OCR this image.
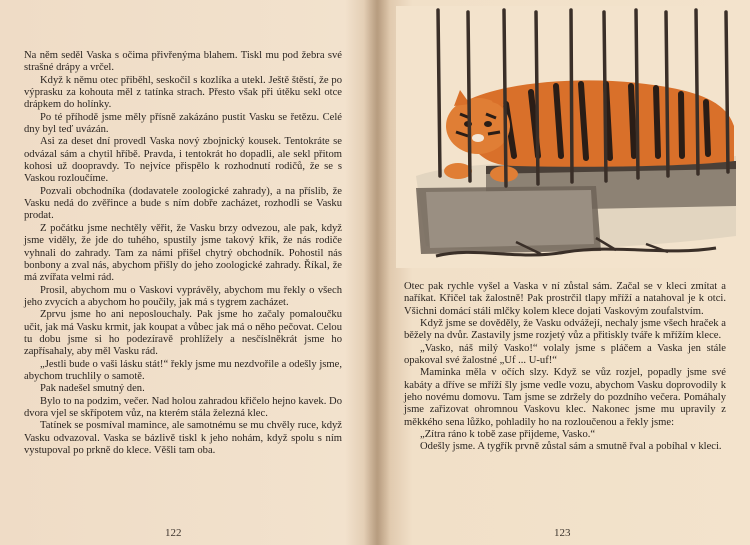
Na něm seděl Vaska s očima přivřenýma blahem. Tiskl mu pod žebra své strašné drápy a vrčel.

Když k němu otec přiběhl, seskočil s kozlíka a utekl. Ještě štěstí, že po výprasku za kohouta měl z tatínka strach. Přesto však při útěku sekl otce drápkem do holínky.

Po té příhodě jsme měly přísně zakázáno pustit Vasku se řetězu. Celé dny byl teď uvázán.

Asi za deset dní provedl Vaska nový zbojnický kousek. Tentokráte se odvázal sám a chytil hříbě. Pravda, i tentokrát ho dopadli, ale sekl přitom kohosi už doopravdy. To nejvíce přispělo k rozhodnutí rodičů, že se s Vaskou rozloučíme.

Pozvali obchodníka (dodavatele zoologické zahrady), a na příslib, že Vasku nedá do zvěřince a bude s ním dobře zacházet, rozhodli se Vasku prodat.

Z počátku jsme nechtěly věřit, že Vasku brzy odvezou, ale pak, když jsme viděly, že jde do tuhého, spustily jsme takový křik, že nás rodiče vyhnali do zahrady. Tam za námi přišel chytrý obchodník. Pohostil nás bonbony a zval nás, abychom přišly do jeho zoologické zahrady. Říkal, že má zvířata velmi rád.

Prosil, abychom mu o Vaskovi vyprávěly, abychom mu řekly o všech jeho zvycích a abychom ho poučily, jak má s tygrem zacházet.

Zprvu jsme ho ani neposlouchaly. Pak jsme ho začaly pomaloučku učit, jak má Vasku krmit, jak koupat a vůbec jak má o něho pečovat. Celou tu dobu jsme si ho podezíravě prohlížely a nesčíslněkrát jsme ho zapřísahaly, aby měl Vasku rád.

„Jestli bude o vaši lásku stát!“ řekly jsme mu nezdvořile a odešly jsme, abychom truchlily o samotě.

Pak nadešel smutný den.

Bylo to na podzim, večer. Nad holou zahradou křičelo hejno kavek. Do dvora vjel se skřípotem vůz, na kterém stála železná klec.

Tatínek se posmíval mamince, ale samotnému se mu chvěly ruce, když Vasku odvazoval. Vaska se bázlivě tiskl k jeho nohám, když spolu s ním vystupoval po prkně do klece. Věšli tam oba.

122

Otec pak rychle vyšel a Vaska v ní zůstal sám. Začal se v kleci zmítat a naříkat. Křičel tak žalostně! Pak prostrčil tlapy mříží a natahoval je k otci. Všichni domácí stáli mlčky kolem klece dojati Vaskovým zoufalstvím.

Když jsme se dověděly, že Vasku odvážejí, nechaly jsme všech hraček a běžely na dvůr. Zastavily jsme rozjetý vůz a přitiskly tváře k mřížím klece.

„Vasko, náš milý Vasko!“ volaly jsme s pláčem a Vaska jen stále opakoval své žalostné „Uf ... U-uf!“

Maminka měla v očích slzy. Když se vůz rozjel, popadly jsme své kabáty a dříve se mříží šly jsme vedle vozu, abychom Vasku doprovodily k jeho novému domovu. Tam jsme se zdržely do pozdního večera. Pomáhaly jsme zařizovat ohromnou Vaskovu klec. Nakonec jsme mu upravily z měkkého sena lůžko, pohladily ho na rozloučenou a řekly jsme:

„Zítra ráno k tobě zase přijdeme, Vasko.“

Odešly jsme. A tygřík prvně zůstal sám a smutně řval a pobíhal v kleci.

123
